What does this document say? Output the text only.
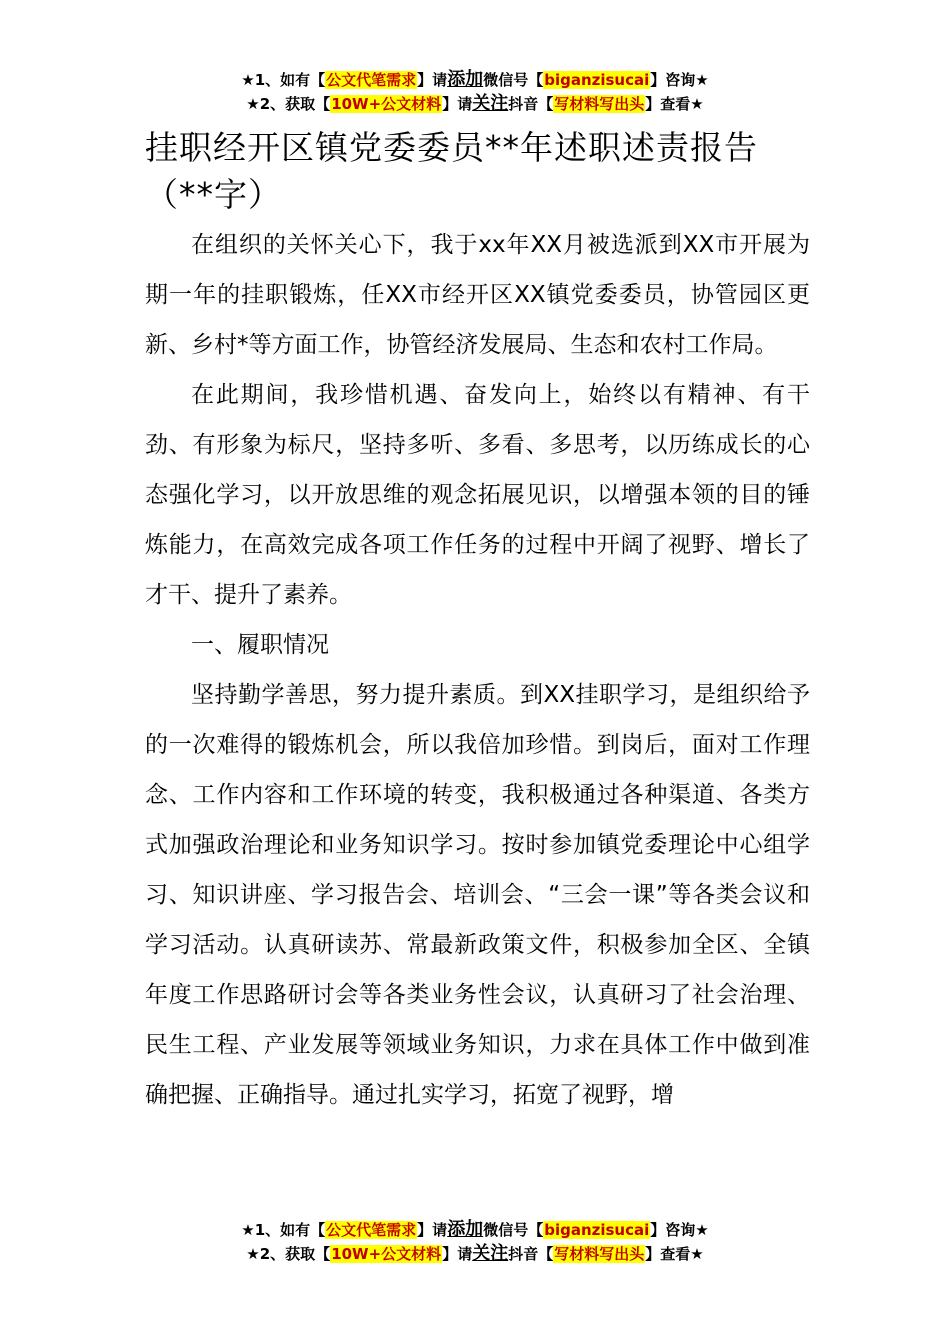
★1、如有【公文代笔需求】请添加微信号【biganzisucai】咨询★
★2、获取【10W+公文材料】请关注抖音【写材料写出头】查看★
挂职经开区镇党委委员**年述职述责报告（**字）

在组织的关怀关心下，我于xx年XX月被选派到XX市开展为期一年的挂职锻炼，任XX市经开区XX镇党委委员，协管园区更新、乡村*等方面工作，协管经济发展局、生态和农村工作局。

在此期间，我珍惜机遇、奋发向上，始终以有精神、有干劲、有形象为标尺，坚持多听、多看、多思考，以历练成长的心态强化学习，以开放思维的观念拓展见识，以增强本领的目的锤炼能力，在高效完成各项工作任务的过程中开阔了视野、增长了才干、提升了素养。

一、履职情况

坚持勤学善思，努力提升素质。到XX挂职学习，是组织给予的一次难得的锻炼机会，所以我倍加珍惜。到岗后，面对工作理念、工作内容和工作环境的转变，我积极通过各种渠道、各类方式加强政治理论和业务知识学习。按时参加镇党委理论中心组学习、知识讲座、学习报告会、培训会、“三会一课”等各类会议和学习活动。认真研读苏、常最新政策文件，积极参加全区、全镇年度工作思路研讨会等各类业务性会议，认真研习了社会治理、民生工程、产业发展等领域业务知识，力求在具体工作中做到准确把握、正确指导。通过扎实学习，拓宽了视野，增

★1、如有【公文代笔需求】请添加微信号【biganzisucai】咨询★
★2、获取【10W+公文材料】请关注抖音【写材料写出头】查看★
